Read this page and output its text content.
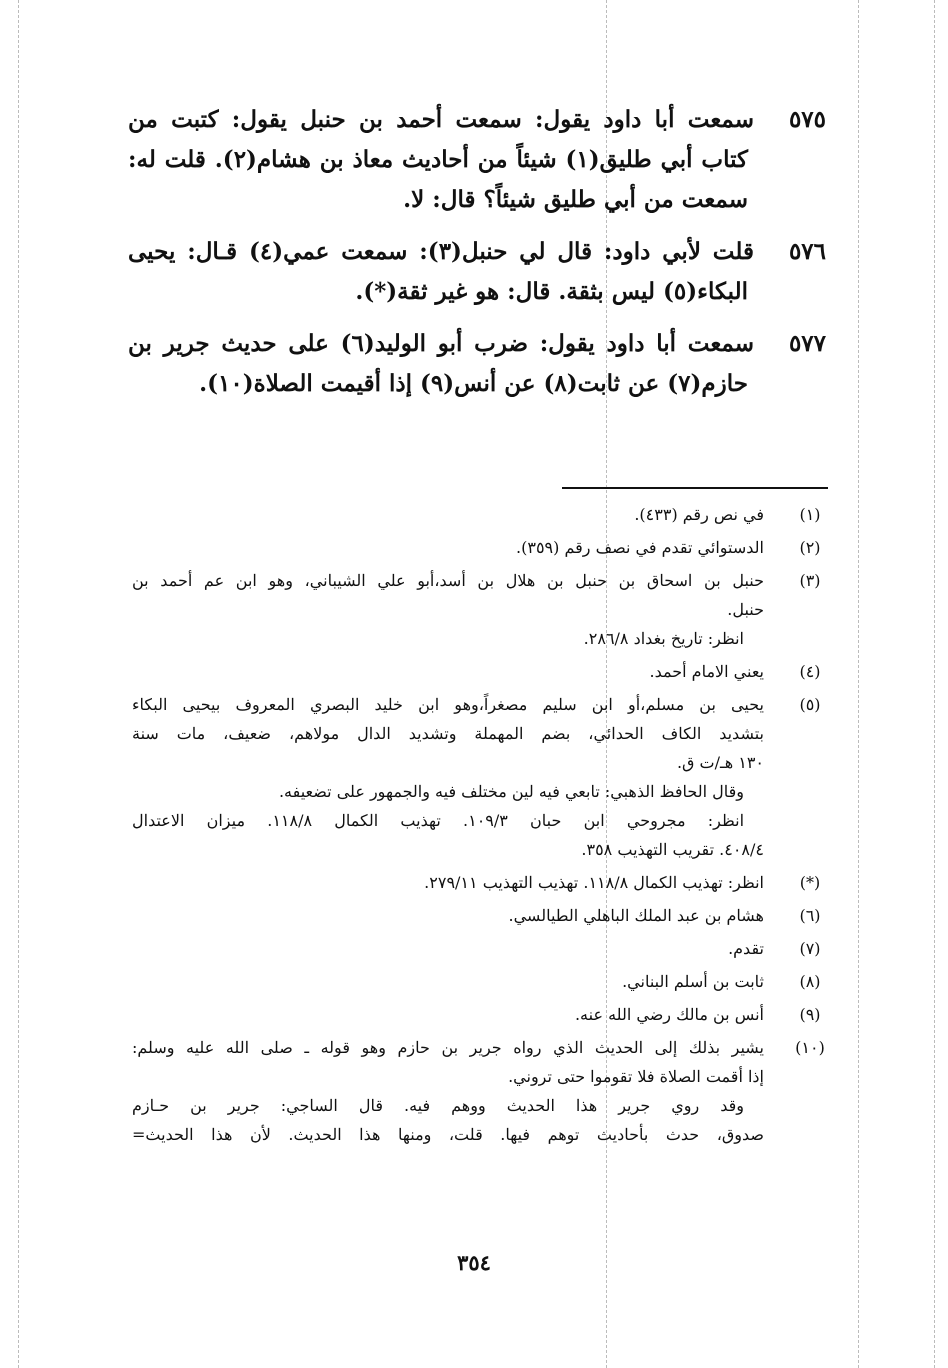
٥٧٥سمعت أبا داود يقول: سمعت أحمد بن حنبل يقول: كتبت من
كتاب أبي طليق(١) شيئاً من أحاديث معاذ بن هشام(٢). قلت له:
سمعت من أبي طليق شيئاً؟ قال: لا.
٥٧٦قلت لأبي داود: قال لي حنبل(٣): سمعت عمي(٤) قـال: يحيى
البكاء(٥) ليس بثقة. قال: هو غير ثقة(*).
٥٧٧سمعت أبا داود يقول: ضرب أبو الوليد(٦) على حديث جرير بن
حازم(٧) عن ثابت(٨) عن أنس(٩) إذا أقيمت الصلاة(١٠).
(١)
في نص رقم (٤٣٣).
(٢)
الدستوائي تقدم في نصف رقم (٣٥٩).
(٣)
حنبل بن اسحاق بن حنبل بن هلال بن أسد،أبو علي الشيباني، وهو ابن عم أحمد بن
حنبل.
انظر: تاريخ بغداد ٢٨٦/٨.
(٤)
يعني الامام أحمد.
(٥)
يحيى بن مسلم،أو ابن سليم مصغراً،وهو ابن خليد البصري المعروف بيحيى البكاء
بتشديد الكاف الحدائي، بضم المهملة وتشديد الدال مولاهم، ضعيف، مات سنة
١٣٠ هـ/ت ق.
وقال الحافظ الذهبي: تابعي فيه لين مختلف فيه والجمهور على تضعيفه.
انظر: مجروحي ابن حبان ١٠٩/٣. تهذيب الكمال ١١٨/٨. ميزان الاعتدال
٤٠٨/٤. تقريب التهذيب ٣٥٨.
(*)
انظر: تهذيب الكمال ١١٨/٨. تهذيب التهذيب ٢٧٩/١١.
(٦)
هشام بن عبد الملك الباهلي الطيالسي.
(٧)
تقدم.
(٨)
ثابت بن أسلم البناني.
(٩)
أنس بن مالك رضي الله عنه.
(١٠)
يشير بذلك إلى الحديث الذي رواه جرير بن حازم وهو قوله ـ صلى الله عليه وسلم:
إذا أقمت الصلاة فلا تقوموا حتى تروني.
وقد روي جرير هذا الحديث ووهم فيه. قال الساجي: جرير بن حـازم
صدوق، حدث بأحاديث توهم فيها. قلت، ومنها هذا الحديث. لأن هذا الحديث=
٣٥٤
